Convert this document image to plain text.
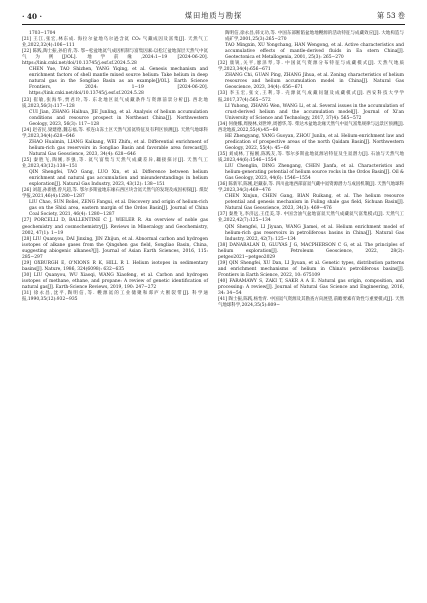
· 40 ·	煤田地质与勘探	第 53 卷

1703−1704

[21] 王江,张宏,林东成. 海拉尔盆地乌尔逊含氦 CO₂ 气藏成因及富集[J]. 天然气工业,2022,32(4):106−111

[22] 陈践,陶士振,孙伯青,等. 鄂−松盆地氦气成因机制与富集因素:以松辽盆地深层天然气中氦气为例[J/OL]. 地学前缘,2024:1−19 [2024-06-20]. https://link.cnki.net/doi/10.13745/j.esf.sf.2024.5.28

CHEN Yue, TAO Shizhen, YANG Yiqing, et al. Genesis mechanism and enrichment factors of shell mantle mixed source helium: Take helium in deep natural gas in the Songliao Basin as an example[J/OL]. Earth Science Frontiers, 2024: 1−19 [2024-06-20]. https://link.cnki.net/doi/10.13745/j.esf.sf.2024.5.28

[23] 崔敏,张海华,贾君玲,等. 东北地区氦气成藏条件与资源前景分析[J]. 西北地质,2023,56(3):117−128

CUI Jian, ZHANG Haihua, JIE Junling, et al. Analysis of helium accumulation conditions and resource prospect in Northeast China[J]. Northwestern Geology, 2023, 56(3): 117−128

[24] 赵省民,梁建德,魏志福,等. 祁连山冻土区天然气富氦特征及有利区预测[J]. 天然气地球科学,2023,34(4):628−646

ZHAO Huaimin, LIANG Kaikang, WEI Zhifu, et al. Differential enrichment of helium-rich gas reservoirs in Songliao Basin and favorable area forecast[J]. Natural Gas Geoscience, 2023, 34(4): 628−646

[25] 秦胜飞,陶刚,李强,等. 氦气富集与天然气成藏差异,耦接探讨[J]. 天然气工业,2023,43(12):138−151

QIN Shengfei, TAO Gang, LUO Xin, et al. Difference between helium enrichment and natural gas accumulation and misunderstandings in helium exploration[J]. Natural Gas Industry, 2023, 43(12): 138−151

[26] 刘超,孙新德,曾凡超,等. 鄂尔多斯盆地东缘石西区块含氦天然气的发现及成因初探[J]. 煤炭学报,2021,46(4):1280−1287

LIU Chao, SUN Boliei, ZENG Fangui, et al. Discovery and origin of helium-rich gas on the Shixi area, eastern margin of the Ordos Basin[J]. Journal of China Coal Society, 2021, 46(4): 1280−1287

[27] PORCELLI D, BALLENTINE C J, WIELER R. An overview of noble gas geochemistry and cosmochemistry[J]. Reviews in Mineralogy and Geochemistry, 2002, 47(1): 1−19

[28] LIU Quanyou, DAI Jinxing, JIN Zhijun, et al. Abnormal carbon and hydrogen isotopes of alkane gases from the Qingshen gas field, Songliao Basin, China, suggesting abiogenic alkanes?[J]. Journal of Asian Earth Sciences, 2016, 115: 285−297

[29] OXBURGH E, O'NIONS R K, HILL R I. Helium isotopes in sedimentary basins[J]. Nature, 1986, 324(6098): 632−635

[30] LIU Quanyou, WU Xiaoqi, WANG Xiaofeng, et al. Carbon and hydrogen isotopes of methane, ethane, and propane: A review of genetic identification of natural gas[J]. Earth-Science Reviews, 2019, 190: 247−272

[31] 徐永昌,沈平,陶明信,等. 幔源氦的工业储聚和郯庐大断裂带[J]. 科学通报,1990,35(12):932−935

陶明信,徐永昌,韩文功,等. 中国东部断陷盆地地幔源的活动特征与成藏效应[J]. 大地构造与成矿学,2001,25(3):265−270

TAO Mingxin, XU Yongchang, HAN Wengong, et al. Active characteristics and accumulative effects of mantle-derived fluids in Ea stern China[J]. Geotectonica et Metallogenia, 2001, 25(3): 265−270

[32] 康锐,关平,廖泽琴,等. 中国氦气资源分布特征与成藏模式[J]. 天然气地质学,2023,34(4):656−671

ZHANG Chi, GUAN Ping, ZHANG Jihua, et al. Zoning characteristics of helium resources and helium accumulation model in China[J]. Natural Gas Geoscience, 2023, 34(4): 656−671

[33] 李玉宏,张文,王利,等. 壳源氦气成藏问题及成藏模式[J]. 西安科技大学学报,2017,37(4):565−572

LI Yuhong, ZHANG Wen, WANG Li, et al. Several issues in the accumulation of crust-derived helium and the accumulation model[J]. Journal of Xi'an University of Science and Technology, 2017, 37(4): 565−572

[34] 何俊娜,周俊林,刘世坤,周德华,等. 柴达木盆地北缘天然气中氦气富集规律与远景区预测[J]. 西北地质,2022,55(4):45−60

HE Zhengyang, YANG Guoyan, ZHOU Junlin, et al. Helium-enrichment law and predication of prospective areas of the north Qaidam Basin[J]. Northwestern Geology, 2022, 55(4): 45−60

[35] 刘成林,丁振刚,陈践友,等. 鄂尔多斯盆地氦源岩特征及生氦潜力[J]. 石油与天然气地质,2023,44(6):1546−1554

LIU Chenglin, DING Zhengang, CHEN Jianfa, et al. Characteristics and helium-generating potential of helium source rocks in the Ordos Basin[J]. Oil & Gas Geology, 2023, 44(6): 1546−1554

[36] 陈新军,陈刚,赵藏泰,等. 四川盆地西部富氦气藏中氦资源潜力与成因机制[J]. 天然气地球科学,2023,34(3):469−476

CHEN Xinjun, CHEN Gang, BIAN Ruikang, et al. The helium resource potential and genesis mechanism in Fuling shale gas field, Sichuan Basin[J]. Natural Gas Geoscience, 2023, 34(3): 469−476

[37] 秦胜飞,李济远,王佳美,等. 中国含油气盆地富氦天然气成藏氦气富集模式[J]. 天然气工业,2022,42(7):125−134

QIN Shengfei, LI Jiyuan, WANG Jiamei, et al. Helium enrichment model of helium-rich gas reservoirs in petroliferous basins in China[J]. Natural Gas Industry, 2022, 42(7): 125−134

[38] DANABALAN D, GLUYAS J G, MACPHERSON C G, et al. The principles of helium exploration[J]. Petroleum Geoscience, 2022, 28(2): petgeo2021−petgeo2029

[39] QIN Shengfei, XU Dan, LI Jiyuan, et al. Genetic types, distribution patterns and enrichment mechanisms of helium in China's petroliferous basins[J]. Frontiers in Earth Science, 2022, 10: 675109

[40] FARAMAWY S, ZAKI T, SAKR A A E. Natural gas origin, composition, and processing: A review[J]. Journal of Natural Gas Science and Engineering, 2016, 34: 34−54

[41] 陶士振,陈践,杨怡青. 中国氦气资源及其勘查方向展望,前瞻要素有效性与重要模式[J]. 天然气地球科学,2024,35(5):809−
